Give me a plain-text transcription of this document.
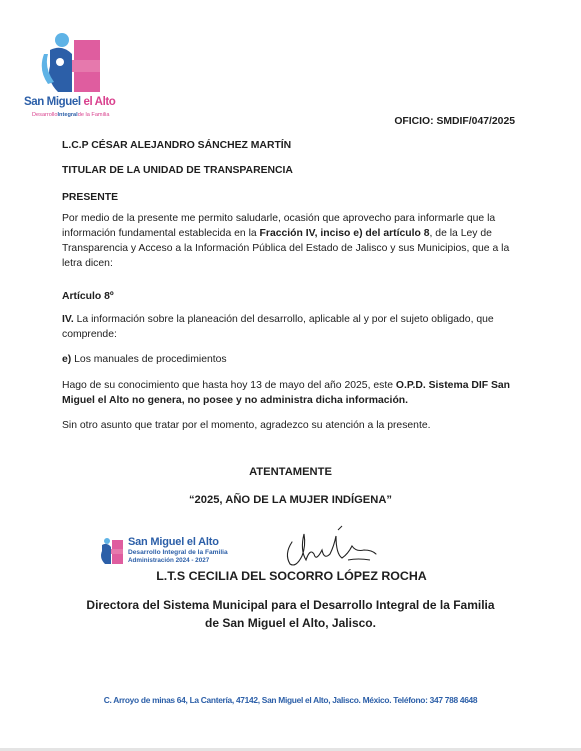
San Miguel el Alto
DesarrolloIntegralde la Familia
OFICIO: SMDIF/047/2025
L.C.P CÉSAR ALEJANDRO SÁNCHEZ MARTÍN
TITULAR DE LA UNIDAD DE TRANSPARENCIA
PRESENTE
Por medio de la presente me permito saludarle, ocasión que aprovecho para informarle que la información fundamental establecida en la Fracción IV, inciso e) del artículo 8, de la Ley de Transparencia y Acceso a la Información Pública del Estado de Jalisco y sus Municipios, que a la letra dicen:
Artículo 8º
IV. La información sobre la planeación del desarrollo, aplicable al y por el sujeto obligado, que comprende:
e) Los manuales de procedimientos
Hago de su conocimiento que hasta hoy 13 de mayo del año 2025, este O.P.D. Sistema DIF San Miguel el Alto no genera, no posee y no administra dicha información.
Sin otro asunto que tratar por el momento, agradezco su atención a la presente.
ATENTAMENTE
“2025, AÑO DE LA MUJER INDÍGENA”
San Miguel el Alto
Desarrollo Integral de la Familia
Administración 2024 - 2027
L.T.S CECILIA DEL SOCORRO LÓPEZ ROCHA
Directora del Sistema Municipal para el Desarrollo Integral de la Familia
de San Miguel el Alto, Jalisco.
C. Arroyo de minas 64, La Cantería, 47142, San Miguel el Alto, Jalisco. México. Teléfono: 347 788 4648
